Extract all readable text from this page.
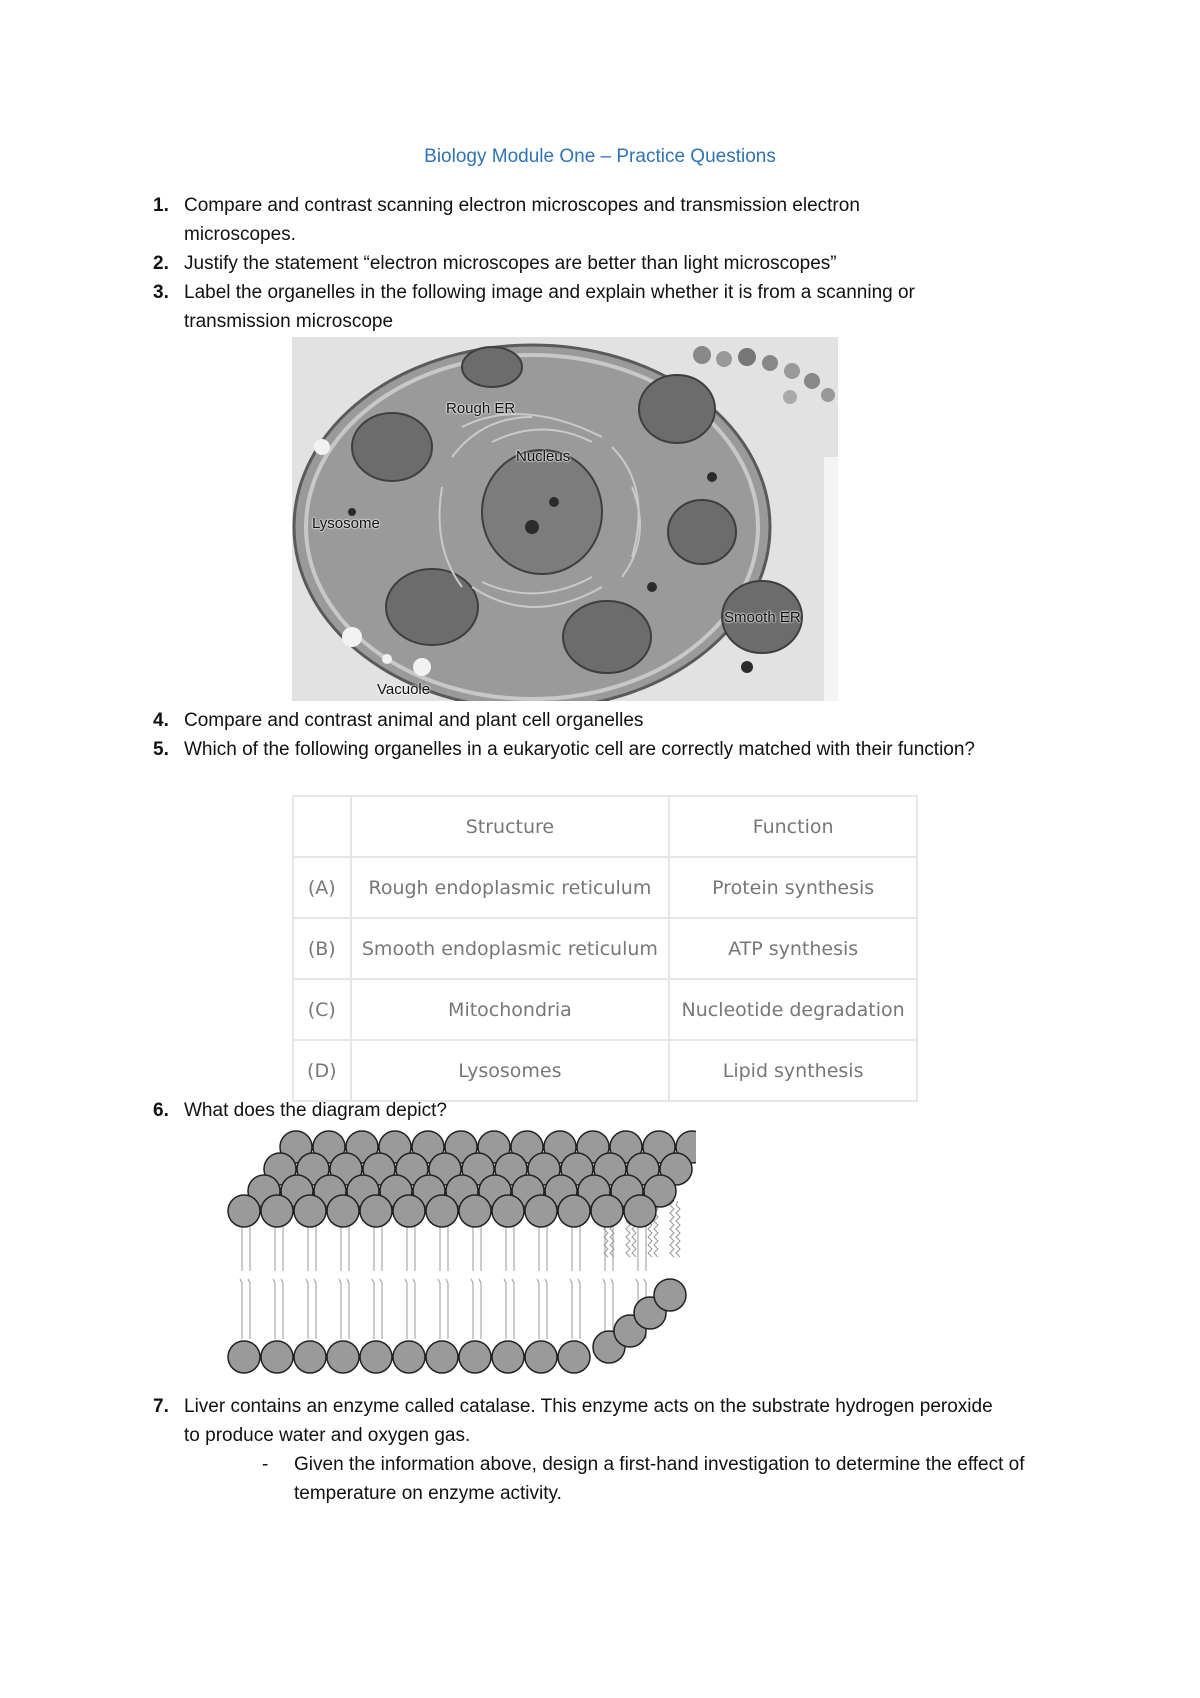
Biology Module One – Practice Questions
1. Compare and contrast scanning electron microscopes and transmission electron microscopes.
2. Justify the statement “electron microscopes are better than light microscopes”
3. Label the organelles in the following image and explain whether it is from a scanning or transmission microscope
Rough ER
Nucleus
Lysosome
Smooth ER
Vacuole
4. Compare and contrast animal and plant cell organelles
5. Which of the following organelles in a eukaryotic cell are correctly matched with their function?
	Structure	Function
(A)	Rough endoplasmic reticulum	Protein synthesis
(B)	Smooth endoplasmic reticulum	ATP synthesis
(C)	Mitochondria	Nucleotide degradation
(D)	Lysosomes	Lipid synthesis
6. What does the diagram depict?
7. Liver contains an enzyme called catalase. This enzyme acts on the substrate hydrogen peroxide to produce water and oxygen gas.
- Given the information above, design a first-hand investigation to determine the effect of temperature on enzyme activity.
